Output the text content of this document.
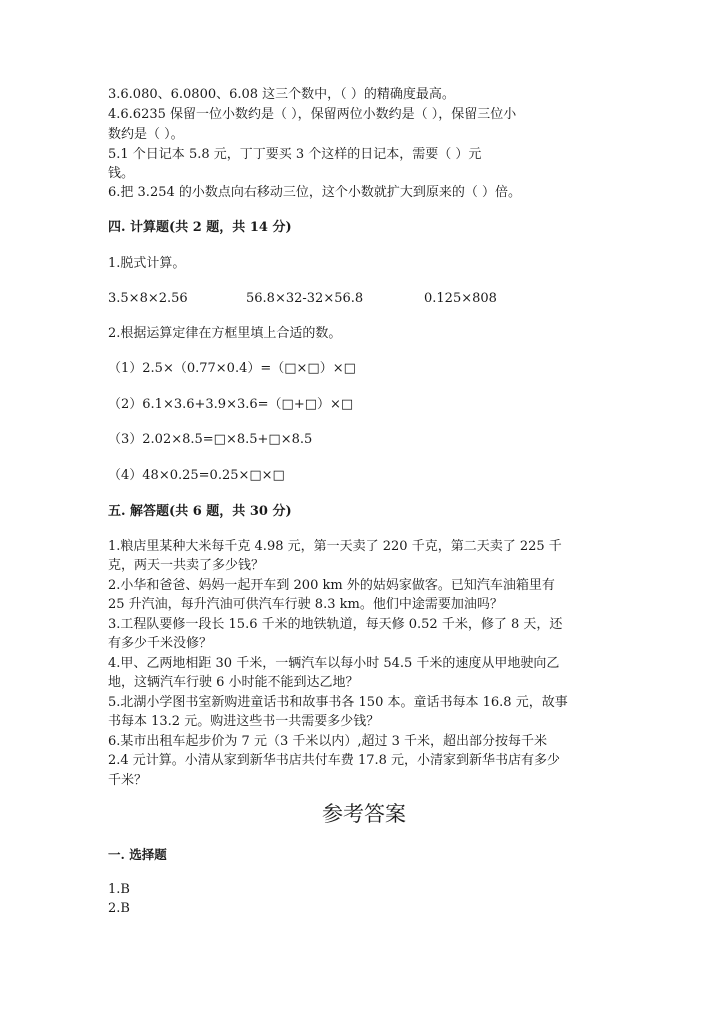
3.6.080、6.0800、6.08 这三个数中，（ ）的精确度最高。
4.6.6235 保留一位小数约是（ ），保留两位小数约是（ ），保留三位小
数约是（ ）。
5.1 个日记本 5.8 元，丁丁要买 3 个这样的日记本，需要（ ）元
钱。
6.把 3.254 的小数点向右移动三位，这个小数就扩大到原来的（ ）倍。
四. 计算题(共 2 题，共 14 分)
1.脱式计算。
3.5×8×2.56	56.8×32-32×56.8	0.125×808
2.根据运算定律在方框里填上合适的数。
（1）2.5×（0.77×0.4）=（□×□）×□
（2）6.1×3.6+3.9×3.6=（□+□）×□
（3）2.02×8.5=□×8.5+□×8.5
（4）48×0.25=0.25×□×□
五. 解答题(共 6 题，共 30 分)
1.粮店里某种大米每千克 4.98 元，第一天卖了 220 千克，第二天卖了 225 千
克，两天一共卖了多少钱？
2.小华和爸爸、妈妈一起开车到 200 km 外的姑妈家做客。已知汽车油箱里有
25 升汽油，每升汽油可供汽车行驶 8.3 km。他们中途需要加油吗？
3.工程队要修一段长 15.6 千米的地铁轨道，每天修 0.52 千米，修了 8 天，还
有多少千米没修？
4.甲、乙两地相距 30 千米，一辆汽车以每小时 54.5 千米的速度从甲地驶向乙
地，这辆汽车行驶 6 小时能不能到达乙地？
5.北湖小学图书室新购进童话书和故事书各 150 本。童话书每本 16.8 元，故事
书每本 13.2 元。购进这些书一共需要多少钱？
6.某市出租车起步价为 7 元（3 千米以内）,超过 3 千米，超出部分按每千米
2.4 元计算。小清从家到新华书店共付车费 17.8 元，小清家到新华书店有多少
千米？
参考答案
一. 选择题
1.B
2.B
